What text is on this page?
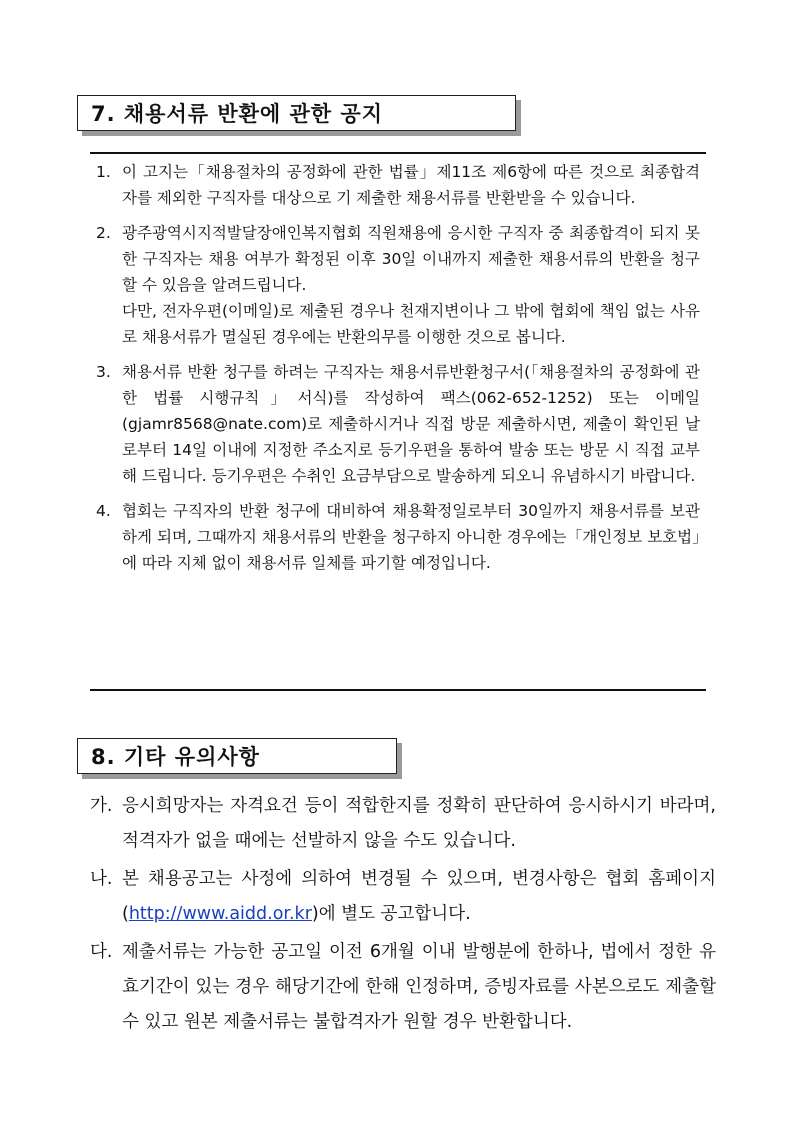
7. 채용서류 반환에 관한 공지
1. 이 고지는「채용절차의 공정화에 관한 법률」제11조 제6항에 따른 것으로 최종합격자를 제외한 구직자를 대상으로 기 제출한 채용서류를 반환받을 수 있습니다.
2. 광주광역시지적발달장애인복지협회 직원채용에 응시한 구직자 중 최종합격이 되지 못한 구직자는 채용 여부가 확정된 이후 30일 이내까지 제출한 채용서류의 반환을 청구할 수 있음을 알려드립니다.
다만, 전자우편(이메일)로 제출된 경우나 천재지변이나 그 밖에 협회에 책임 없는 사유로 채용서류가 멸실된 경우에는 반환의무를 이행한 것으로 봅니다.
3. 채용서류 반환 청구를 하려는 구직자는 채용서류반환청구서(「채용절차의 공정화에 관한 법률 시행규칙」서식)를 작성하여 팩스(062-652-1252) 또는 이메일(gjamr8568@nate.com)로 제출하시거나 직접 방문 제출하시면, 제출이 확인된 날로부터 14일 이내에 지정한 주소지로 등기우편을 통하여 발송 또는 방문 시 직접 교부해 드립니다. 등기우편은 수취인 요금부담으로 발송하게 되오니 유념하시기 바랍니다.
4. 협회는 구직자의 반환 청구에 대비하여 채용확정일로부터 30일까지 채용서류를 보관하게 되며, 그때까지 채용서류의 반환을 청구하지 아니한 경우에는「개인정보 보호법」에 따라 지체 없이 채용서류 일체를 파기할 예정입니다.
8. 기타 유의사항
가. 응시희망자는 자격요건 등이 적합한지를 정확히 판단하여 응시하시기 바라며, 적격자가 없을 때에는 선발하지 않을 수도 있습니다.
나. 본 채용공고는 사정에 의하여 변경될 수 있으며, 변경사항은 협회 홈페이지(http://www.aidd.or.kr)에 별도 공고합니다.
다. 제출서류는 가능한 공고일 이전 6개월 이내 발행분에 한하나, 법에서 정한 유효기간이 있는 경우 해당기간에 한해 인정하며, 증빙자료를 사본으로도 제출할 수 있고 원본 제출서류는 불합격자가 원할 경우 반환합니다.
